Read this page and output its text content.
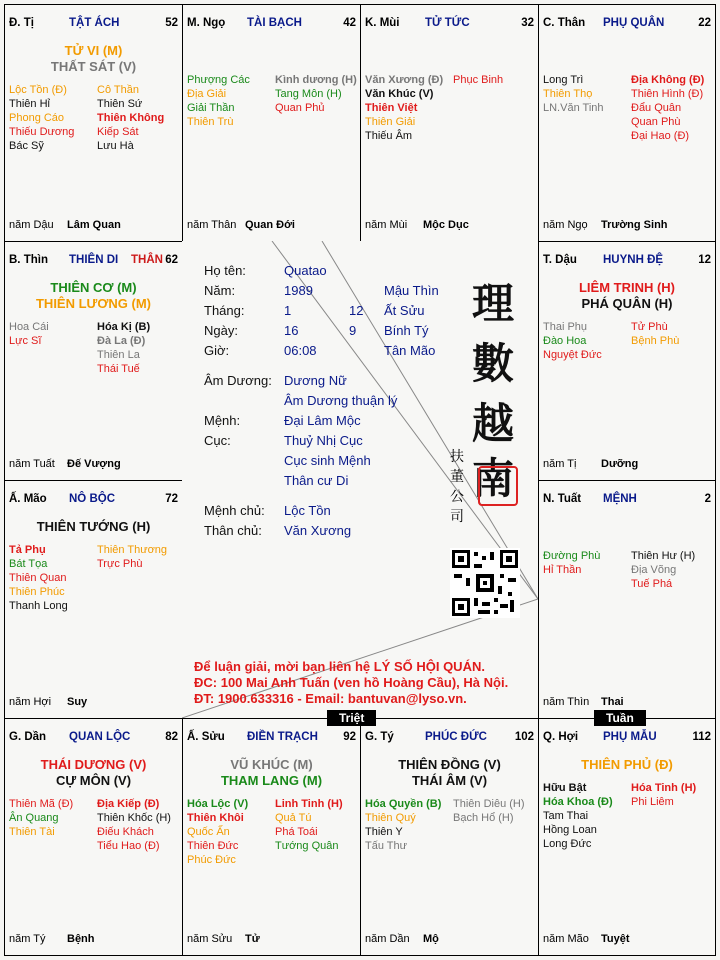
Đ. Tị	TẬT ÁCH	52
TỬ VI (M)
THẤT SÁT (V)
Lộc Tồn (Đ)
Thiên Hỉ
Phong Cáo
Thiếu Dương
Bác Sỹ
Cô Thần
Thiên Sứ
Thiên Không
Kiếp Sát
Lưu Hà
năm Dậu Lâm Quan
M. Ngọ TÀI BẠCH	42
Phượng Các
Địa Giải
Giải Thần
Thiên Trù
Kình dương (H)
Tang Môn (H)
Quan Phủ
năm Thân Quan Đới
K. Mùi TỬ TỨC	32
Văn Xương (Đ)
Văn Khúc (V)
Thiên Việt
Thiên Giải
Thiếu Âm
Phục Binh
năm Mùi Mộc Dục
C. Thân PHỤ QUÂN	22
Long Trì
Thiên Thọ
LN.Văn Tinh
Địa Không (Đ)
Thiên Hình (Đ)
Đẩu Quân
Quan Phù
Đại Hao (Đ)
năm Ngọ Trường Sinh
B. Thìn THIÊN DI THÂN 62
THIÊN CƠ (M)
THIÊN LƯƠNG (M)
Hoa Cái
Lực Sĩ
Hóa Kị (B)
Đà La (Đ)
Thiên La
Thái Tuế
năm Tuất Đế Vượng
T. Dậu HUYNH ĐỆ	12
LIÊM TRINH (H)
PHÁ QUÂN (H)
Thai Phụ
Đào Hoa
Nguyệt Đức
Tử Phù
Bệnh Phù
năm Tị Dưỡng
Ấ. Mão NÔ BỘC	72
THIÊN TƯỚNG (H)
Tả Phụ
Bát Tọa
Thiên Quan
Thiên Phúc
Thanh Long
Thiên Thương
Trực Phù
năm Hợi Suy
N. Tuất MỆNH	2
Đường Phù
Hỉ Thần
Thiên Hư (H)
Địa Võng
Tuế Phá
năm Thìn Thai
G. Dần QUAN LỘC	82
THÁI DƯƠNG (V)
CỰ MÔN (V)
Thiên Mã (Đ)
Ân Quang
Thiên Tài
Địa Kiếp (Đ)
Thiên Khốc (H)
Điếu Khách
Tiểu Hao (Đ)
năm Tý Bệnh
Ấ. Sửu ĐIỀN TRẠCH 92
VŨ KHÚC (M)
THAM LANG (M)
Hóa Lộc (V)
Thiên Khôi
Quốc Ấn
Thiên Đức
Phúc Đức
Linh Tinh (H)
Quả Tú
Phá Toái
Tướng Quân
năm Sửu Tử
G. Tý	PHÚC ĐỨC 102
THIÊN ĐỒNG (V)
THÁI ÂM (V)
Hóa Quyền (B)
Thiên Quý
Thiên Y
Tấu Thư
Thiên Diêu (H)
Bạch Hổ (H)
năm Dần Mộ
Q. Hợi PHỤ MẪU	112
THIÊN PHỦ (Đ)
Hữu Bật
Hóa Khoa (Đ)
Tam Thai
Hồng Loan
Long Đức
Hóa Tinh (H)
Phi Liêm
năm Mão Tuyệt
Họ tên:	Quatao
Năm:	1989	Mậu Thìn
Tháng:	1	12 Ất Sửu
Ngày:	16	9 Bính Tý
Giờ:	06:08	Tân Mão
Âm Dương: Dương Nữ
Âm Dương thuận lý
Mệnh:	Đại Lâm Mộc
Cục:	Thuỷ Nhị Cục
Cục sinh Mệnh
Thân cư Di
Mệnh chủ: Lộc Tồn
Thân chủ: Văn Xương
理
數
越
南
扶
董
公
司
Để luận giải, mời bạn liên hệ LÝ SỐ HỘI QUÁN.
ĐC: 100 Mai Anh Tuấn (ven hồ Hoàng Cầu), Hà Nội.
ĐT: 1900.633316 - Email: bantuvan@lyso.vn.
Triệt	Tuần
